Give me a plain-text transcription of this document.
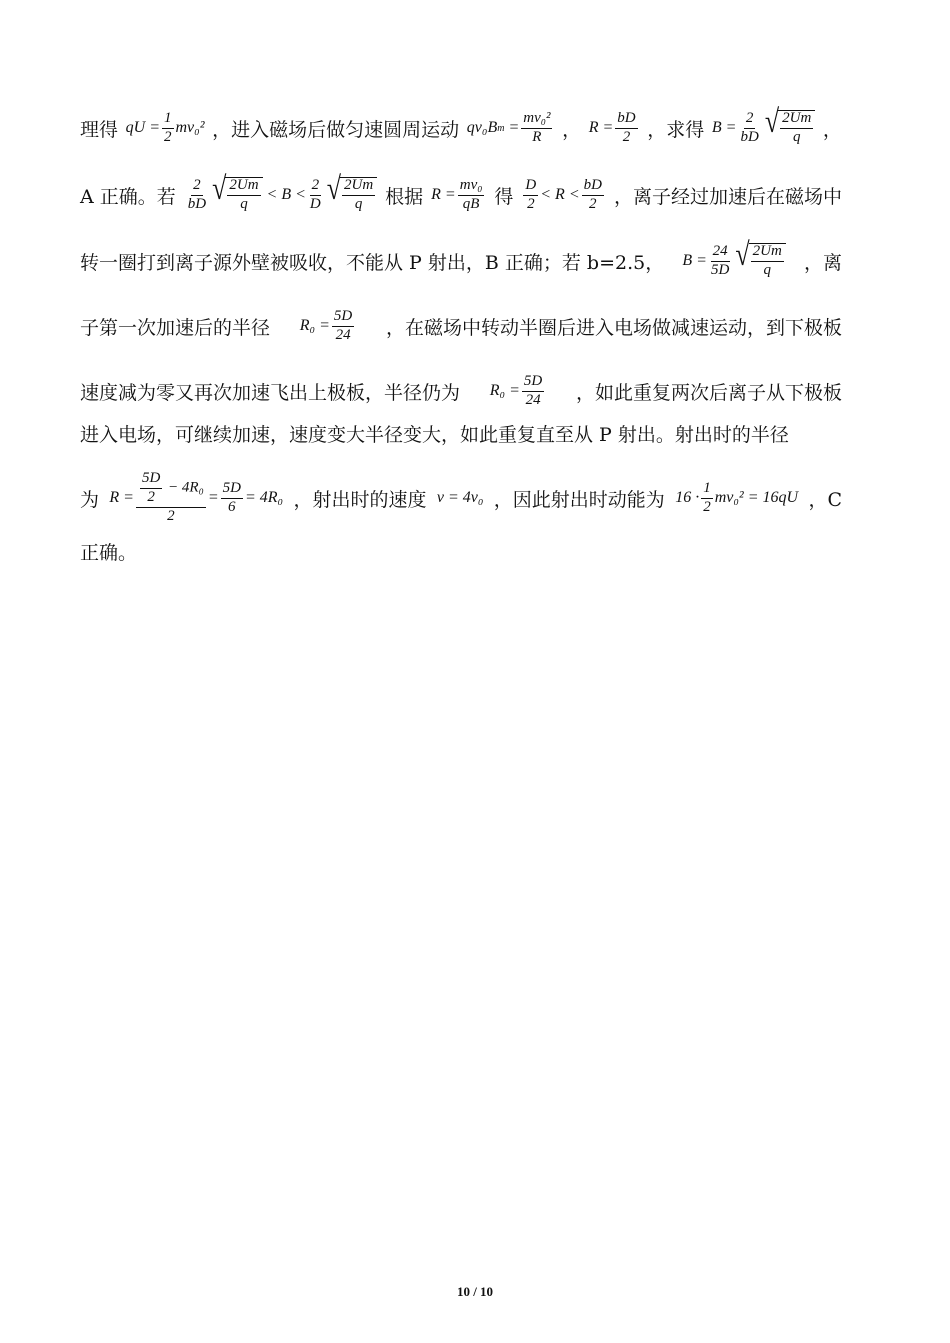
理得 qU = $\frac{1}{2} mv_0^2$ ，进入磁场后做匀速圆周运动 qv₀B m
= $\frac{\text{mv₀²}}{R}$ ， $R = \frac{bD}{2}$ ，求得 $B = \frac{2}{bD}$ √ $\frac{2Um}{q}$ ，
A 正确。若 $\frac{2}{bD}$ √ $\frac{2Um}{q}$
< $B < \frac{2}{D}$ √ $\frac{2Um}{q}$ 根据 $R = \frac{\text{mv₀}}{qB}$ 得 $\frac{D}{2} < R < \frac{bD}{2}$ ，离子经过加速后在磁场中
转一圈打到离子源外壁被吸收，不能从 P 射出，B 正确；若 b=2.5， $B = \frac{24}{5D}$ √ $\frac{2Um}{q}$ ，离
子第一次加速后的半径 $R_0 = \frac{5D}{24}$ ，在磁场中转动半圈后进入电场做减速运动，到下极板
速度减为零又再次加速飞出上极板，半径仍为 $R_0 = \frac{5D}{24}$ ，如此重复两次后离子从下极板
进入电场，可继续加速，速度变大半径变大，如此重复直至从 P 射出。射出时的半径
为 $R = \frac{\frac{5D}{2} - 4R_0}{2} = \frac{5D}{6} = 4R_0$ ，射出时的速度 v = 4v₀ ，因此射出时动能为 $16 \cdot \frac{1}{2} mv_0^2 = 16qU$ ，C
正确。
10 / 10
